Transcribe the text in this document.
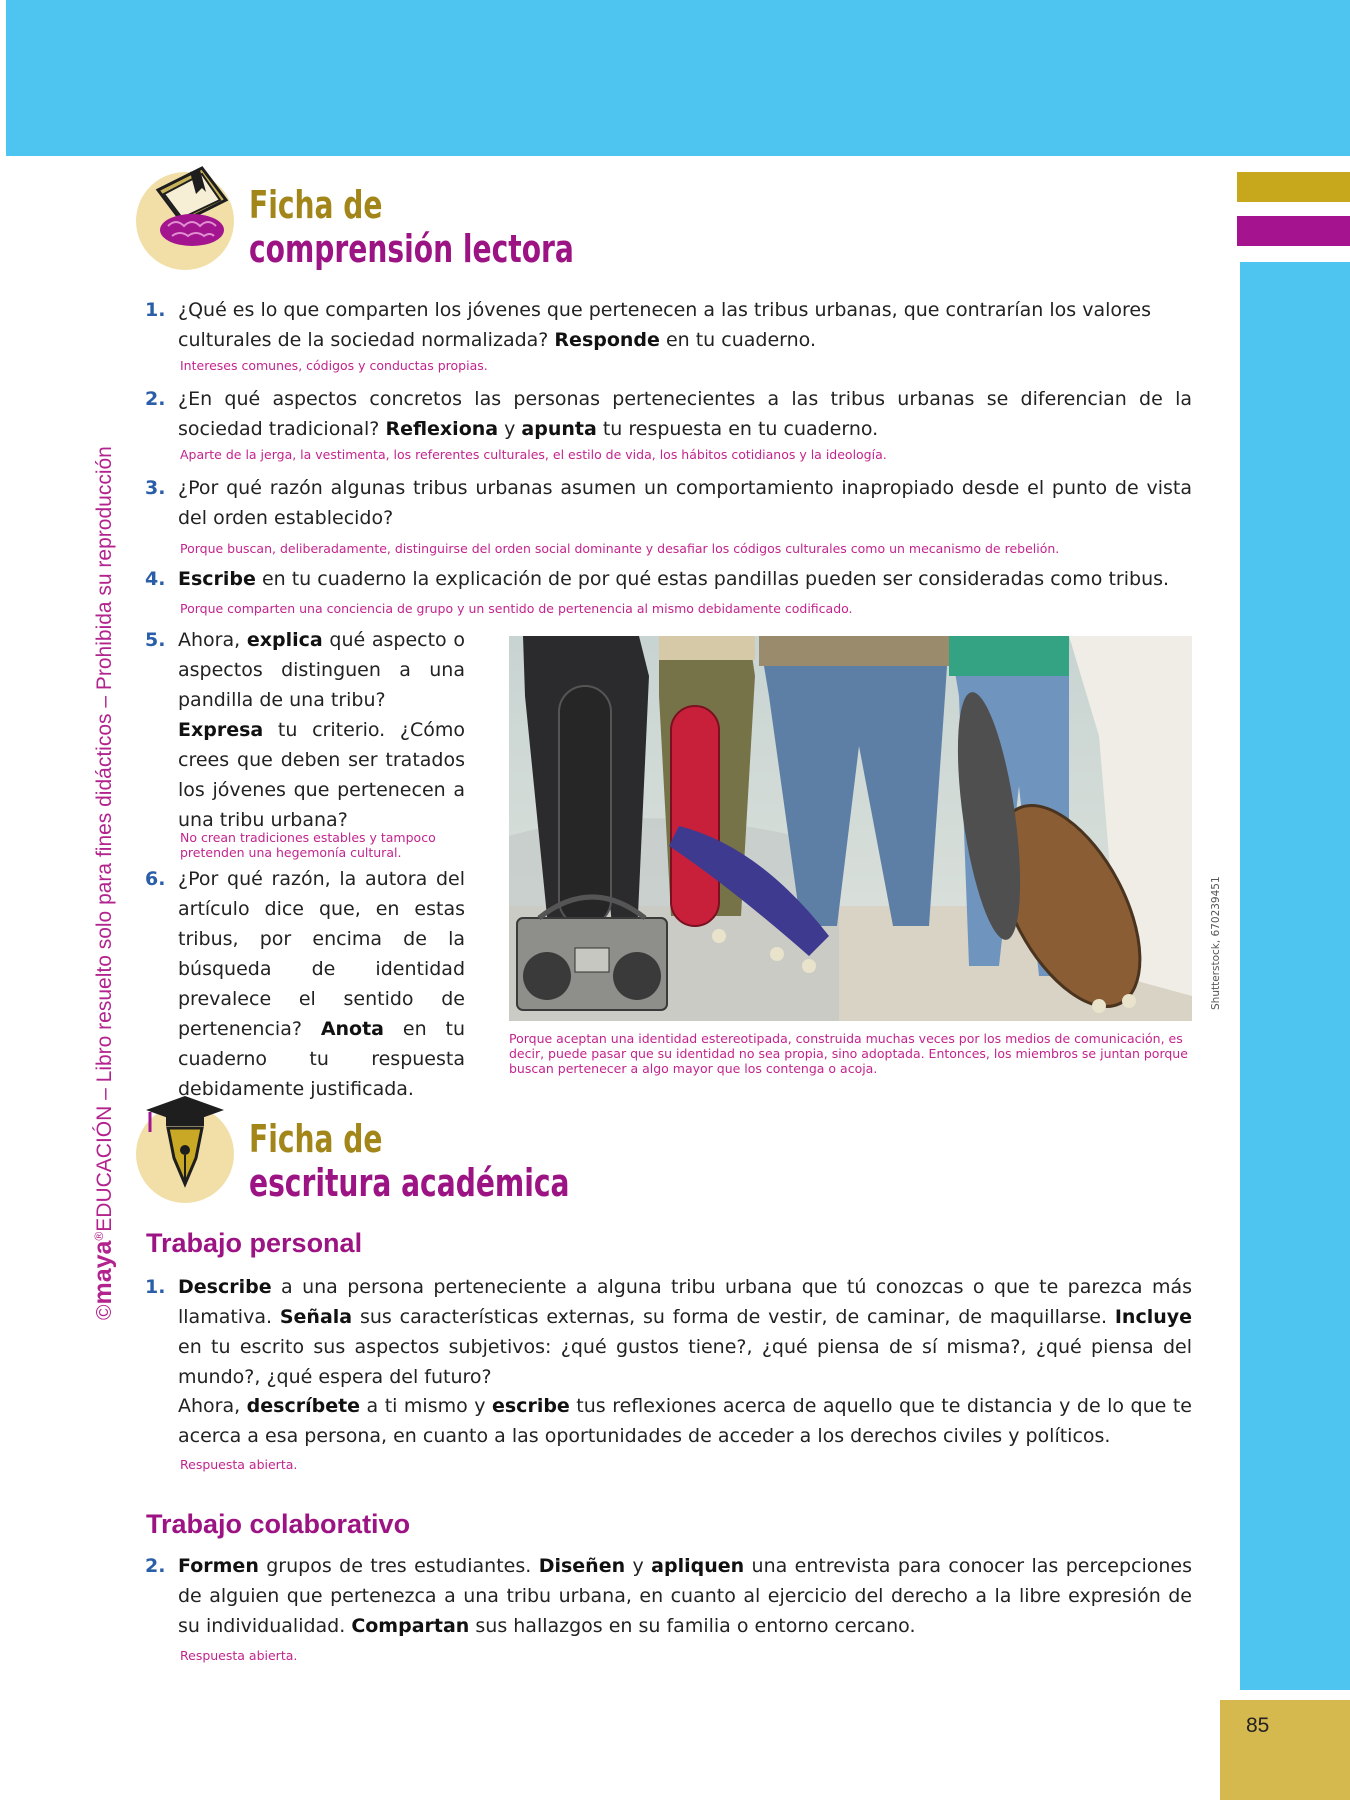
85
©maya®EDUCACIÓN – Libro resuelto solo para fines didácticos – Prohibida su reproducción
Ficha de
comprensión lectora
1. ¿Qué es lo que comparten los jóvenes que pertenecen a las tribus urbanas, que contrarían los valores culturales de la sociedad normalizada? Responde en tu cuaderno.
Intereses comunes, códigos y conductas propias.
2. ¿En qué aspectos concretos las personas pertenecientes a las tribus urbanas se diferencian de la sociedad tradicional? Reflexiona y apunta tu respuesta en tu cuaderno.
Aparte de la jerga, la vestimenta, los referentes culturales, el estilo de vida, los hábitos cotidianos y la ideología.
3. ¿Por qué razón algunas tribus urbanas asumen un comportamiento inapropiado desde el punto de vista del orden establecido?
Porque buscan, deliberadamente, distinguirse del orden social dominante y desafiar los códigos culturales como un mecanismo de rebelión.
4. Escribe en tu cuaderno la explicación de por qué estas pandillas pueden ser consideradas como tribus.
Porque comparten una conciencia de grupo y un sentido de pertenencia al mismo debidamente codificado.
5. Ahora, explica qué aspecto o aspectos distinguen a una pandilla de una tribu?
Expresa tu criterio. ¿Cómo crees que deben ser tratados los jóvenes que pertenecen a una tribu urbana?
No crean tradiciones estables y tampoco pretenden una hegemonía cultural.
6. ¿Por qué razón, la autora del artículo dice que, en estas tribus, por encima de la búsqueda de identidad prevalece el sentido de pertenencia? Anota en tu cuaderno tu respuesta debidamente justificada.
Shutterstock, 670239451
Porque aceptan una identidad estereotipada, construida muchas veces por los medios de comunicación, es decir, puede pasar que su identidad no sea propia, sino adoptada. Entonces, los miembros se juntan porque buscan pertenecer a algo mayor que los contenga o acoja.
Ficha de
escritura académica
Trabajo personal
1. Describe a una persona perteneciente a alguna tribu urbana que tú conozcas o que te parezca más llamativa. Señala sus características externas, su forma de vestir, de caminar, de maquillarse. Incluye en tu escrito sus aspectos subjetivos: ¿qué gustos tiene?, ¿qué piensa de sí misma?, ¿qué piensa del mundo?, ¿qué espera del futuro?
Ahora, descríbete a ti mismo y escribe tus reflexiones acerca de aquello que te distancia y de lo que te acerca a esa persona, en cuanto a las oportunidades de acceder a los derechos civiles y políticos.
Respuesta abierta.
Trabajo colaborativo
2. Formen grupos de tres estudiantes. Diseñen y apliquen una entrevista para conocer las percepciones de alguien que pertenezca a una tribu urbana, en cuanto al ejercicio del derecho a la libre expresión de su individualidad. Compartan sus hallazgos en su familia o entorno cercano.
Respuesta abierta.
